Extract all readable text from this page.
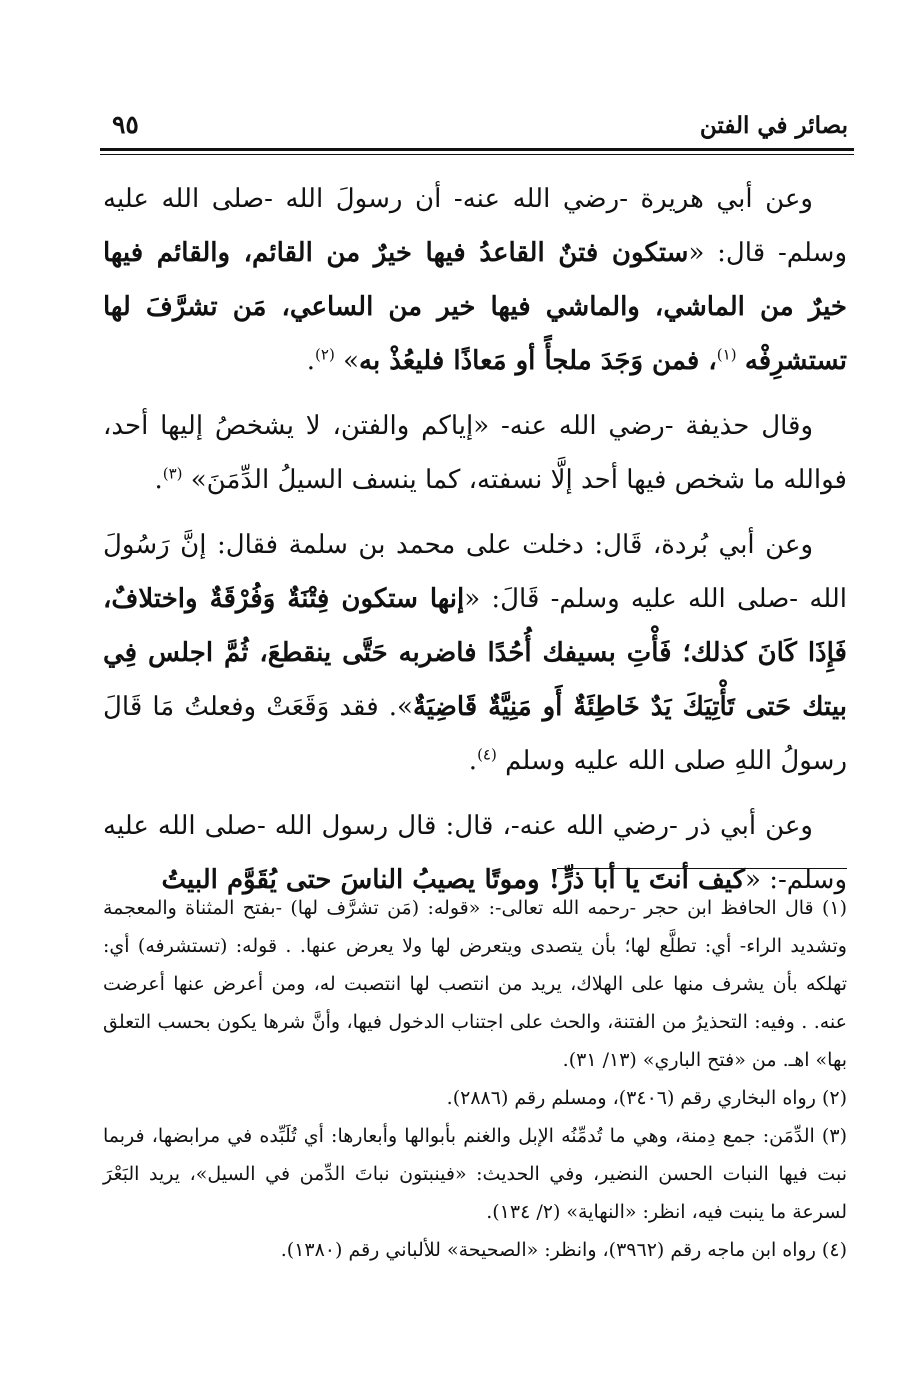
بصائر في الفتن
٩٥

وعن أبي هريرة -رضي الله عنه- أن رسولَ الله -صلى الله عليه وسلم- قال: «ستكون فتنٌ القاعدُ فيها خيرٌ من القائم، والقائم فيها خيرٌ من الماشي، والماشي فيها خير من الساعي، مَن تشرَّفَ لها تستشرِفْه $^{(١)}$، فمن وَجَدَ ملجأً أو مَعاذًا فليعُذْ به» $^{(٢)}$.

وقال حذيفة -رضي الله عنه- «إياكم والفتن، لا يشخصُ إليها أحد، فوالله ما شخص فيها أحد إلَّا نسفته، كما ينسف السيلُ الدِّمَنَ» $^{(٣)}$.

وعن أبي بُردة، قَال: دخلت على محمد بن سلمة فقال: إنَّ رَسُولَ الله -صلى الله عليه وسلم- قَالَ: «إنها ستكون فِتْنَةٌ وَفُرْقَةٌ واختلافٌ، فَإِذَا كَانَ كذلك؛ فَأْتِ بسيفك أُحُدًا فاضربه حَتَّى ينقطعَ، ثُمَّ اجلس فِي بيتك حَتى تَأْتِيَكَ يَدٌ خَاطِئَةٌ أَو مَنِيَّةٌ قَاضِيَةٌ». فقد وَقَعَتْ وفعلتُ مَا قَالَ رسولُ اللهِ صلى الله عليه وسلم $^{(٤)}$.

وعن أبي ذر -رضي الله عنه-، قال: قال رسول الله -صلى الله عليه وسلم-: «كيف أنتَ يا أبا ذرٍّ! وموتًا يصيبُ الناسَ حتى يُقَوَّم البيتُ

(١) قال الحافظ ابن حجر -رحمه الله تعالى-: «قوله: (مَن تشرَّف لها) -بفتح المثناة والمعجمة وتشديد الراء- أي: تطلَّع لها؛ بأن يتصدى ويتعرض لها ولا يعرض عنها. . قوله: (تستشرفه) أي: تهلكه بأن يشرف منها على الهلاك، يريد من انتصب لها انتصبت له، ومن أعرض عنها أعرضت عنه. . وفيه: التحذيرُ من الفتنة، والحث على اجتناب الدخول فيها، وأنَّ شرها يكون بحسب التعلق بها» اهـ. من «فتح الباري» (١٣/ ٣١).

(٢) رواه البخاري رقم (٣٤٠٦)، ومسلم رقم (٢٨٨٦).

(٣) الدِّمَن: جمع دِمنة، وهي ما تُدمِّنُه الإبل والغنم بأبوالها وأبعارها: أي تُلَبِّده في مرابضها، فربما نبت فيها النبات الحسن النضير، وفي الحديث: «فينبتون نباتَ الدِّمن في السيل»، يريد البَعْرَ لسرعة ما ينبت فيه، انظر: «النهاية» (٢/ ١٣٤).

(٤) رواه ابن ماجه رقم (٣٩٦٢)، وانظر: «الصحيحة» للألباني رقم (١٣٨٠).
